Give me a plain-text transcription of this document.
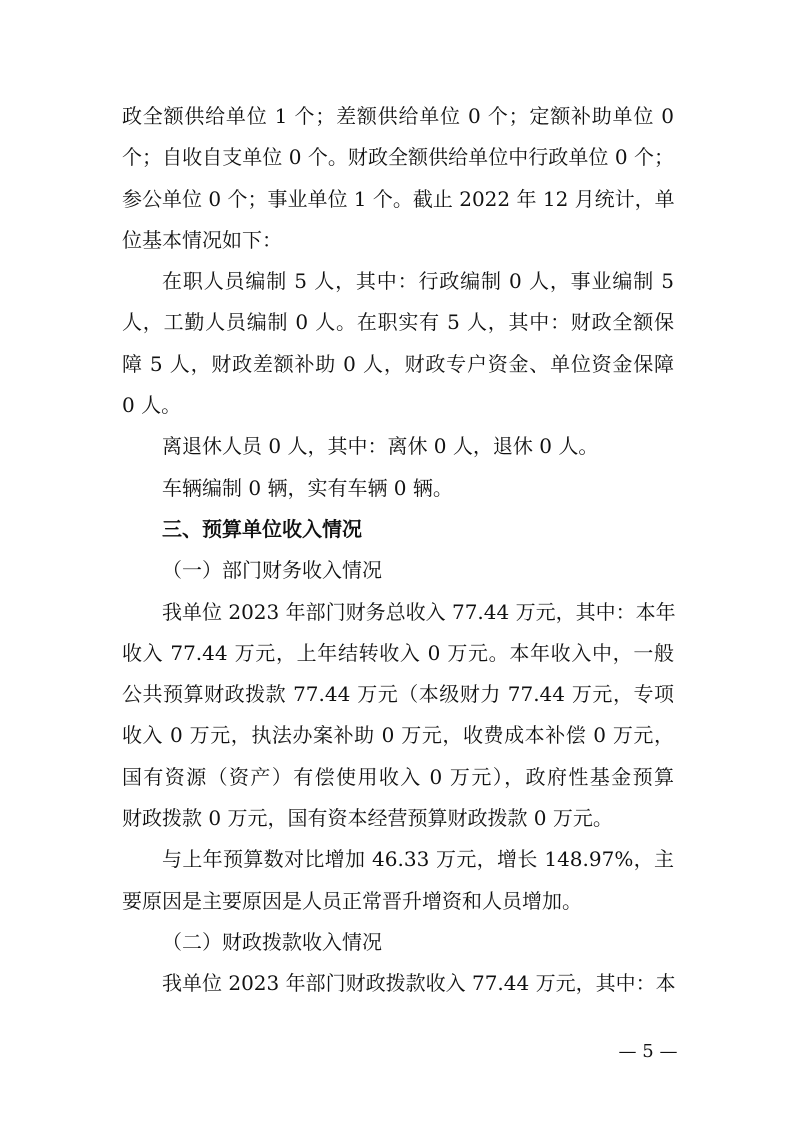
政全额供给单位 1 个；差额供给单位 0 个；定额补助单位 0
个；自收自支单位 0 个。财政全额供给单位中行政单位 0 个；
参公单位 0 个；事业单位 1 个。截止 2022 年 12 月统计，单
位基本情况如下：
在职人员编制 5 人，其中：行政编制 0 人，事业编制 5
人，工勤人员编制 0 人。在职实有 5 人，其中：财政全额保
障 5 人，财政差额补助 0 人，财政专户资金、单位资金保障
0 人。
离退休人员 0 人，其中：离休 0 人，退休 0 人。
车辆编制 0 辆，实有车辆 0 辆。
三、预算单位收入情况
（一）部门财务收入情况
我单位 2023 年部门财务总收入 77.44 万元，其中：本年
收入 77.44 万元，上年结转收入 0 万元。本年收入中，一般
公共预算财政拨款 77.44 万元（本级财力 77.44 万元，专项
收入 0 万元，执法办案补助 0 万元，收费成本补偿 0 万元，
国有资源（资产）有偿使用收入 0 万元），政府性基金预算
财政拨款 0 万元，国有资本经营预算财政拨款 0 万元。
与上年预算数对比增加 46.33 万元，增长 148.97%，主
要原因是主要原因是人员正常晋升增资和人员增加。
（二）财政拨款收入情况
我单位 2023 年部门财政拨款收入 77.44 万元，其中：本
— 5 —
